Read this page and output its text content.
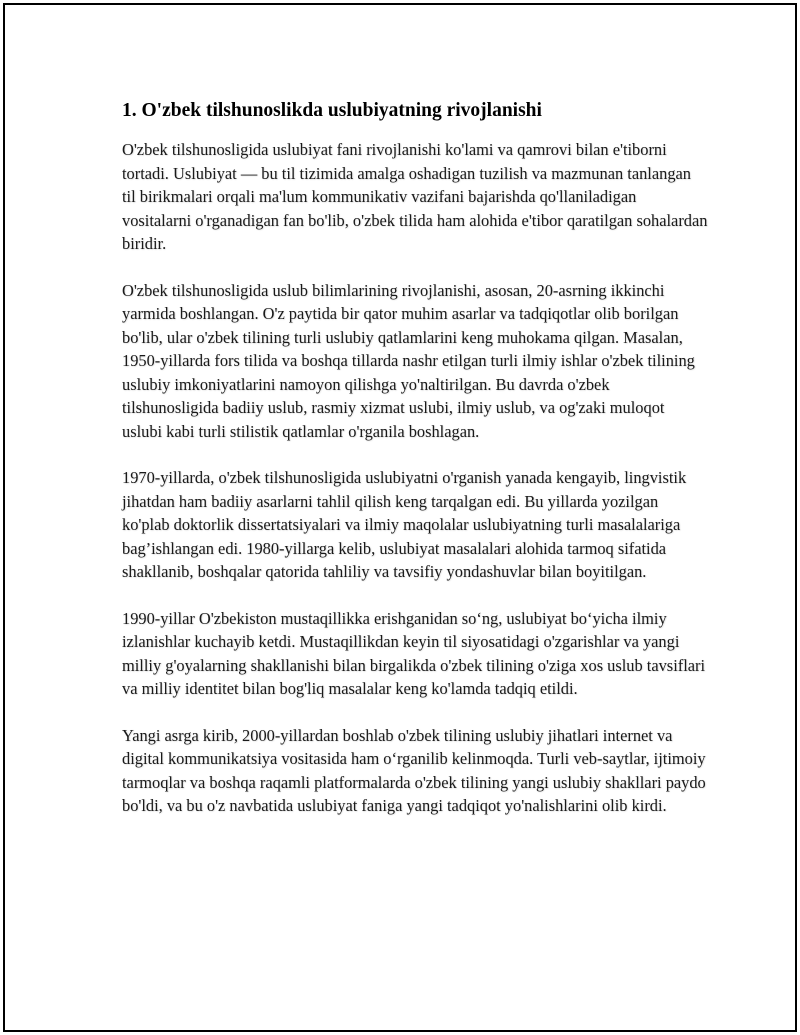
1. O'zbek tilshunoslikda uslubiyatning rivojlanishi

O'zbek tilshunosligida uslubiyat fani rivojlanishi ko'lami va qamrovi bilan e'tiborni tortadi. Uslubiyat — bu til tizimida amalga oshadigan tuzilish va mazmunan tanlangan til birikmalari orqali ma'lum kommunikativ vazifani bajarishda qo'llaniladigan vositalarni o'rganadigan fan bo'lib, o'zbek tilida ham alohida e'tibor qaratilgan sohalardan biridir.

O'zbek tilshunosligida uslub bilimlarining rivojlanishi, asosan, 20-asrning ikkinchi yarmida boshlangan. O'z paytida bir qator muhim asarlar va tadqiqotlar olib borilgan bo'lib, ular o'zbek tilining turli uslubiy qatlamlarini keng muhokama qilgan. Masalan, 1950-yillarda fors tilida va boshqa tillarda nashr etilgan turli ilmiy ishlar o'zbek tilining uslubiy imkoniyatlarini namoyon qilishga yo'naltirilgan. Bu davrda o'zbek tilshunosligida badiiy uslub, rasmiy xizmat uslubi, ilmiy uslub, va og'zaki muloqot uslubi kabi turli stilistik qatlamlar o'rganila boshlagan.

1970-yillarda, o'zbek tilshunosligida uslubiyatni o'rganish yanada kengayib, lingvistik jihatdan ham badiiy asarlarni tahlil qilish keng tarqalgan edi. Bu yillarda yozilgan ko'plab doktorlik dissertatsiyalari va ilmiy maqolalar uslubiyatning turli masalalariga bag’ishlangan edi. 1980-yillarga kelib, uslubiyat masalalari alohida tarmoq sifatida shakllanib, boshqalar qatorida tahliliy va tavsifiy yondashuvlar bilan boyitilgan.

1990-yillar O'zbekiston mustaqillikka erishganidan so‘ng, uslubiyat bo‘yicha ilmiy izlanishlar kuchayib ketdi. Mustaqillikdan keyin til siyosatidagi o'zgarishlar va yangi milliy g'oyalarning shakllanishi bilan birgalikda o'zbek tilining o'ziga xos uslub tavsiflari va milliy identitet bilan bog'liq masalalar keng ko'lamda tadqiq etildi.

Yangi asrga kirib, 2000-yillardan boshlab o'zbek tilining uslubiy jihatlari internet va digital kommunikatsiya vositasida ham o‘rganilib kelinmoqda. Turli veb-saytlar, ijtimoiy tarmoqlar va boshqa raqamli platformalarda o'zbek tilining yangi uslubiy shakllari paydo bo'ldi, va bu o'z navbatida uslubiyat faniga yangi tadqiqot yo'nalishlarini olib kirdi.
